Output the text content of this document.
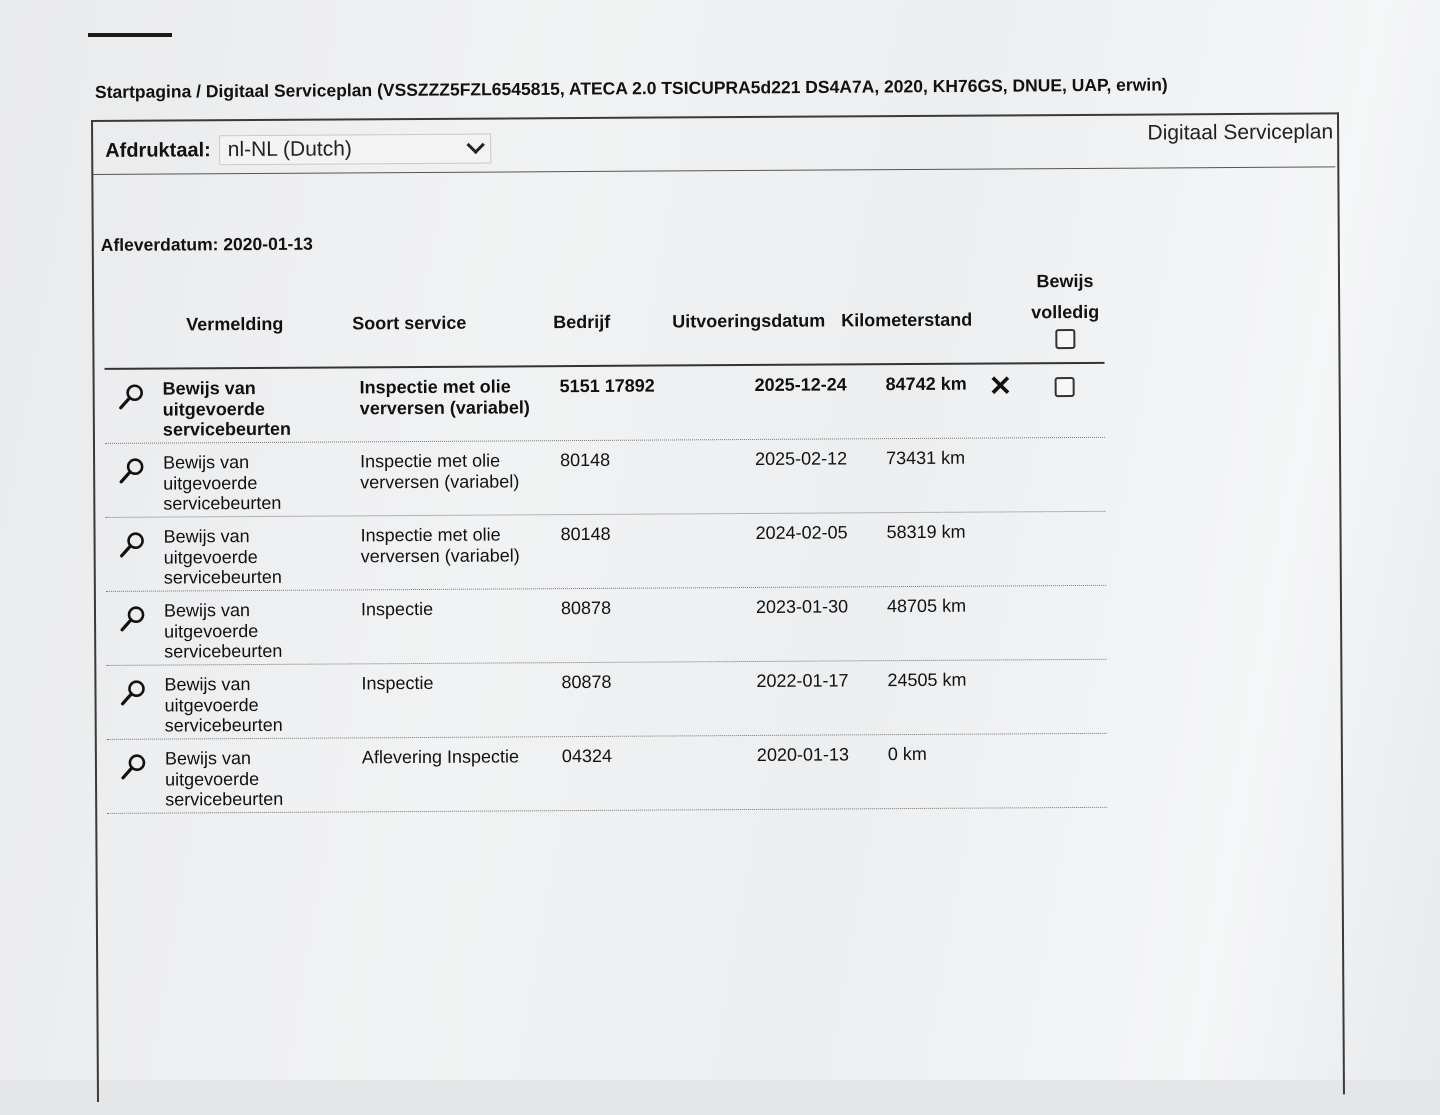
Startpagina / Digitaal Serviceplan (VSSZZZ5FZL6545815, ATECA 2.0 TSICUPRA5d221 DS4A7A, 2020, KH76GS, DNUE, UAP, erwin)
Afdruktaal: nl-NL (Dutch)
Digitaal Serviceplan
Afleverdatum: 2020-01-13
Vermelding	Soort service	Bedrijf	Uitvoeringsdatum Kilometerstand
Bewijs
volledig
Bewijs van uitgevoerde servicebeurten
Inspectie met olie verversen (variabel)
5151 17892	2025-12-24 84742 km ✕
Bewijs van uitgevoerde servicebeurten
Inspectie met olie verversen (variabel)
80148	2025-02-12 73431 km
Bewijs van uitgevoerde servicebeurten
Inspectie met olie verversen (variabel)
80148	2024-02-05 58319 km
Bewijs van uitgevoerde servicebeurten
Inspectie	80878	2023-01-30 48705 km
Bewijs van uitgevoerde servicebeurten
Inspectie	80878	2022-01-17 24505 km
Bewijs van uitgevoerde servicebeurten
Aflevering Inspectie	04324	2020-01-13 0 km
